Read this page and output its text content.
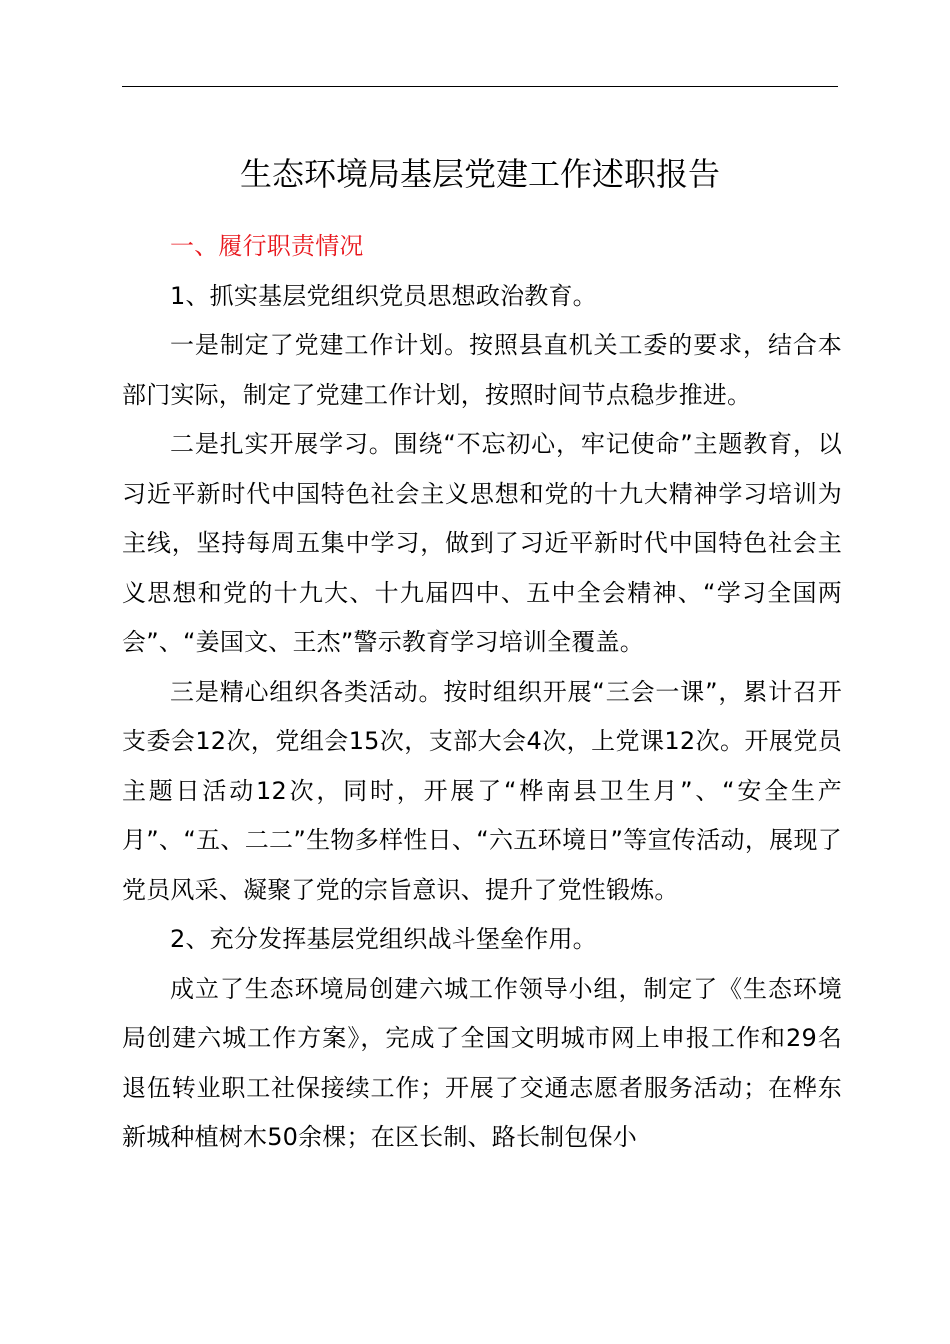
生态环境局基层党建工作述职报告

一、履行职责情况

1、抓实基层党组织党员思想政治教育。

一是制定了党建工作计划。按照县直机关工委的要求，结合本部门实际，制定了党建工作计划，按照时间节点稳步推进。

二是扎实开展学习。围绕“不忘初心，牢记使命”主题教育，以习近平新时代中国特色社会主义思想和党的十九大精神学习培训为主线，坚持每周五集中学习，做到了习近平新时代中国特色社会主义思想和党的十九大、十九届四中、五中全会精神、“学习全国两会”、“姜国文、王杰”警示教育学习培训全覆盖。

三是精心组织各类活动。按时组织开展“三会一课”，累计召开支委会12次，党组会15次，支部大会4次，上党课12次。开展党员主题日活动12次，同时，开展了“桦南县卫生月”、“安全生产月”、“五、二二”生物多样性日、“六五环境日”等宣传活动，展现了党员风采、凝聚了党的宗旨意识、提升了党性锻炼。

2、充分发挥基层党组织战斗堡垒作用。

成立了生态环境局创建六城工作领导小组，制定了《生态环境局创建六城工作方案》，完成了全国文明城市网上申报工作和29名退伍转业职工社保接续工作；开展了交通志愿者服务活动；在桦东新城种植树木50余棵；在区长制、路长制包保小
